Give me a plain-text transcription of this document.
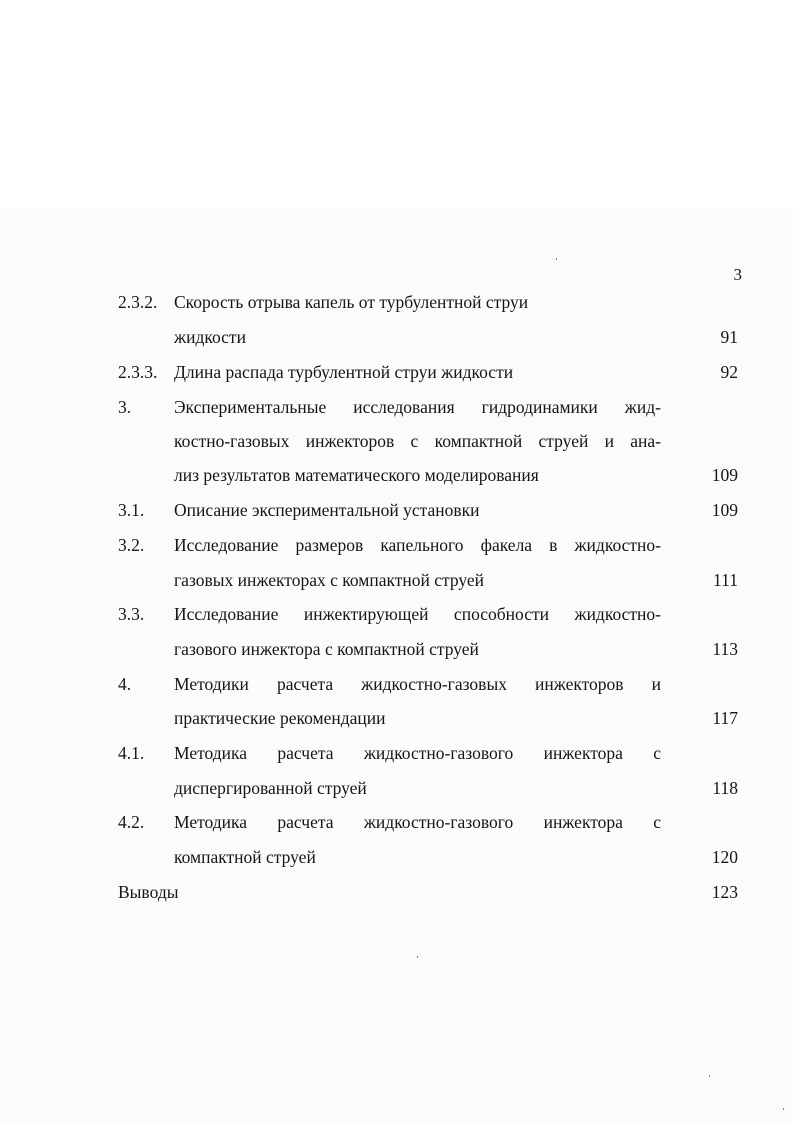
3
2.3.2. Скорость отрыва капель от турбулентной струи
жидкости	91
2.3.3. Длина распада турбулентной струи жидкости	92
3. Экспериментальные исследования гидродинамики жид-
костно-газовых инжекторов с компактной струей и ана-
лиз результатов математического моделирования	109
3.1. Описание экспериментальной установки	109
3.2. Исследование размеров капельного факела в жидкостно-
газовых инжекторах с компактной струей	111
3.3. Исследование инжектирующей способности жидкостно-
газового инжектора с компактной струей	113
4. Методики расчета жидкостно-газовых инжекторов и
практические рекомендации	117
4.1. Методика расчета жидкостно-газового инжектора с
диспергированной струей	118
4.2. Методика расчета жидкостно-газового инжектора с
компактной струей	120
Выводы	123
